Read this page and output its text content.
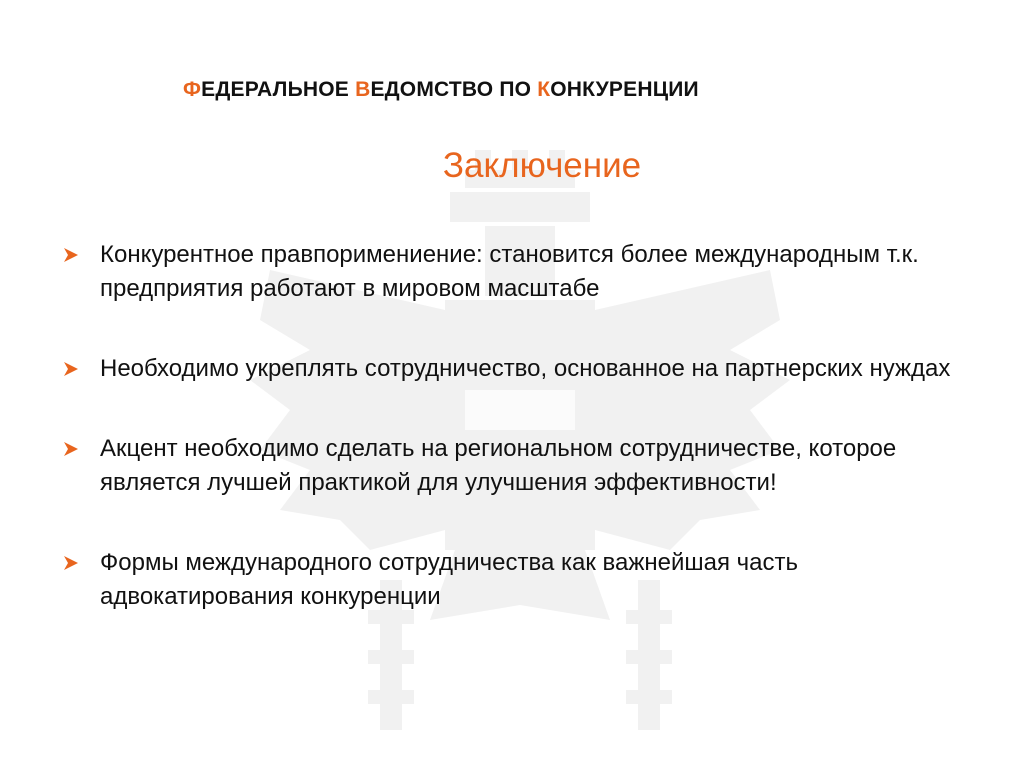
ФЕДЕРАЛЬНОЕ ВЕДОМСТВО ПО КОНКУРЕНЦИИ
Заключение
Конкурентное правпоримениение: становится более международным т.к. предприятия работают в мировом масштабе
Необходимо укреплять сотрудничество, основанное на партнерских нуждах
Акцент необходимо сделать на региональном сотрудничестве, которое является лучшей практикой для улучшения эффективности!
Формы международного сотрудничества как важнейшая часть адвокатирования конкуренции
